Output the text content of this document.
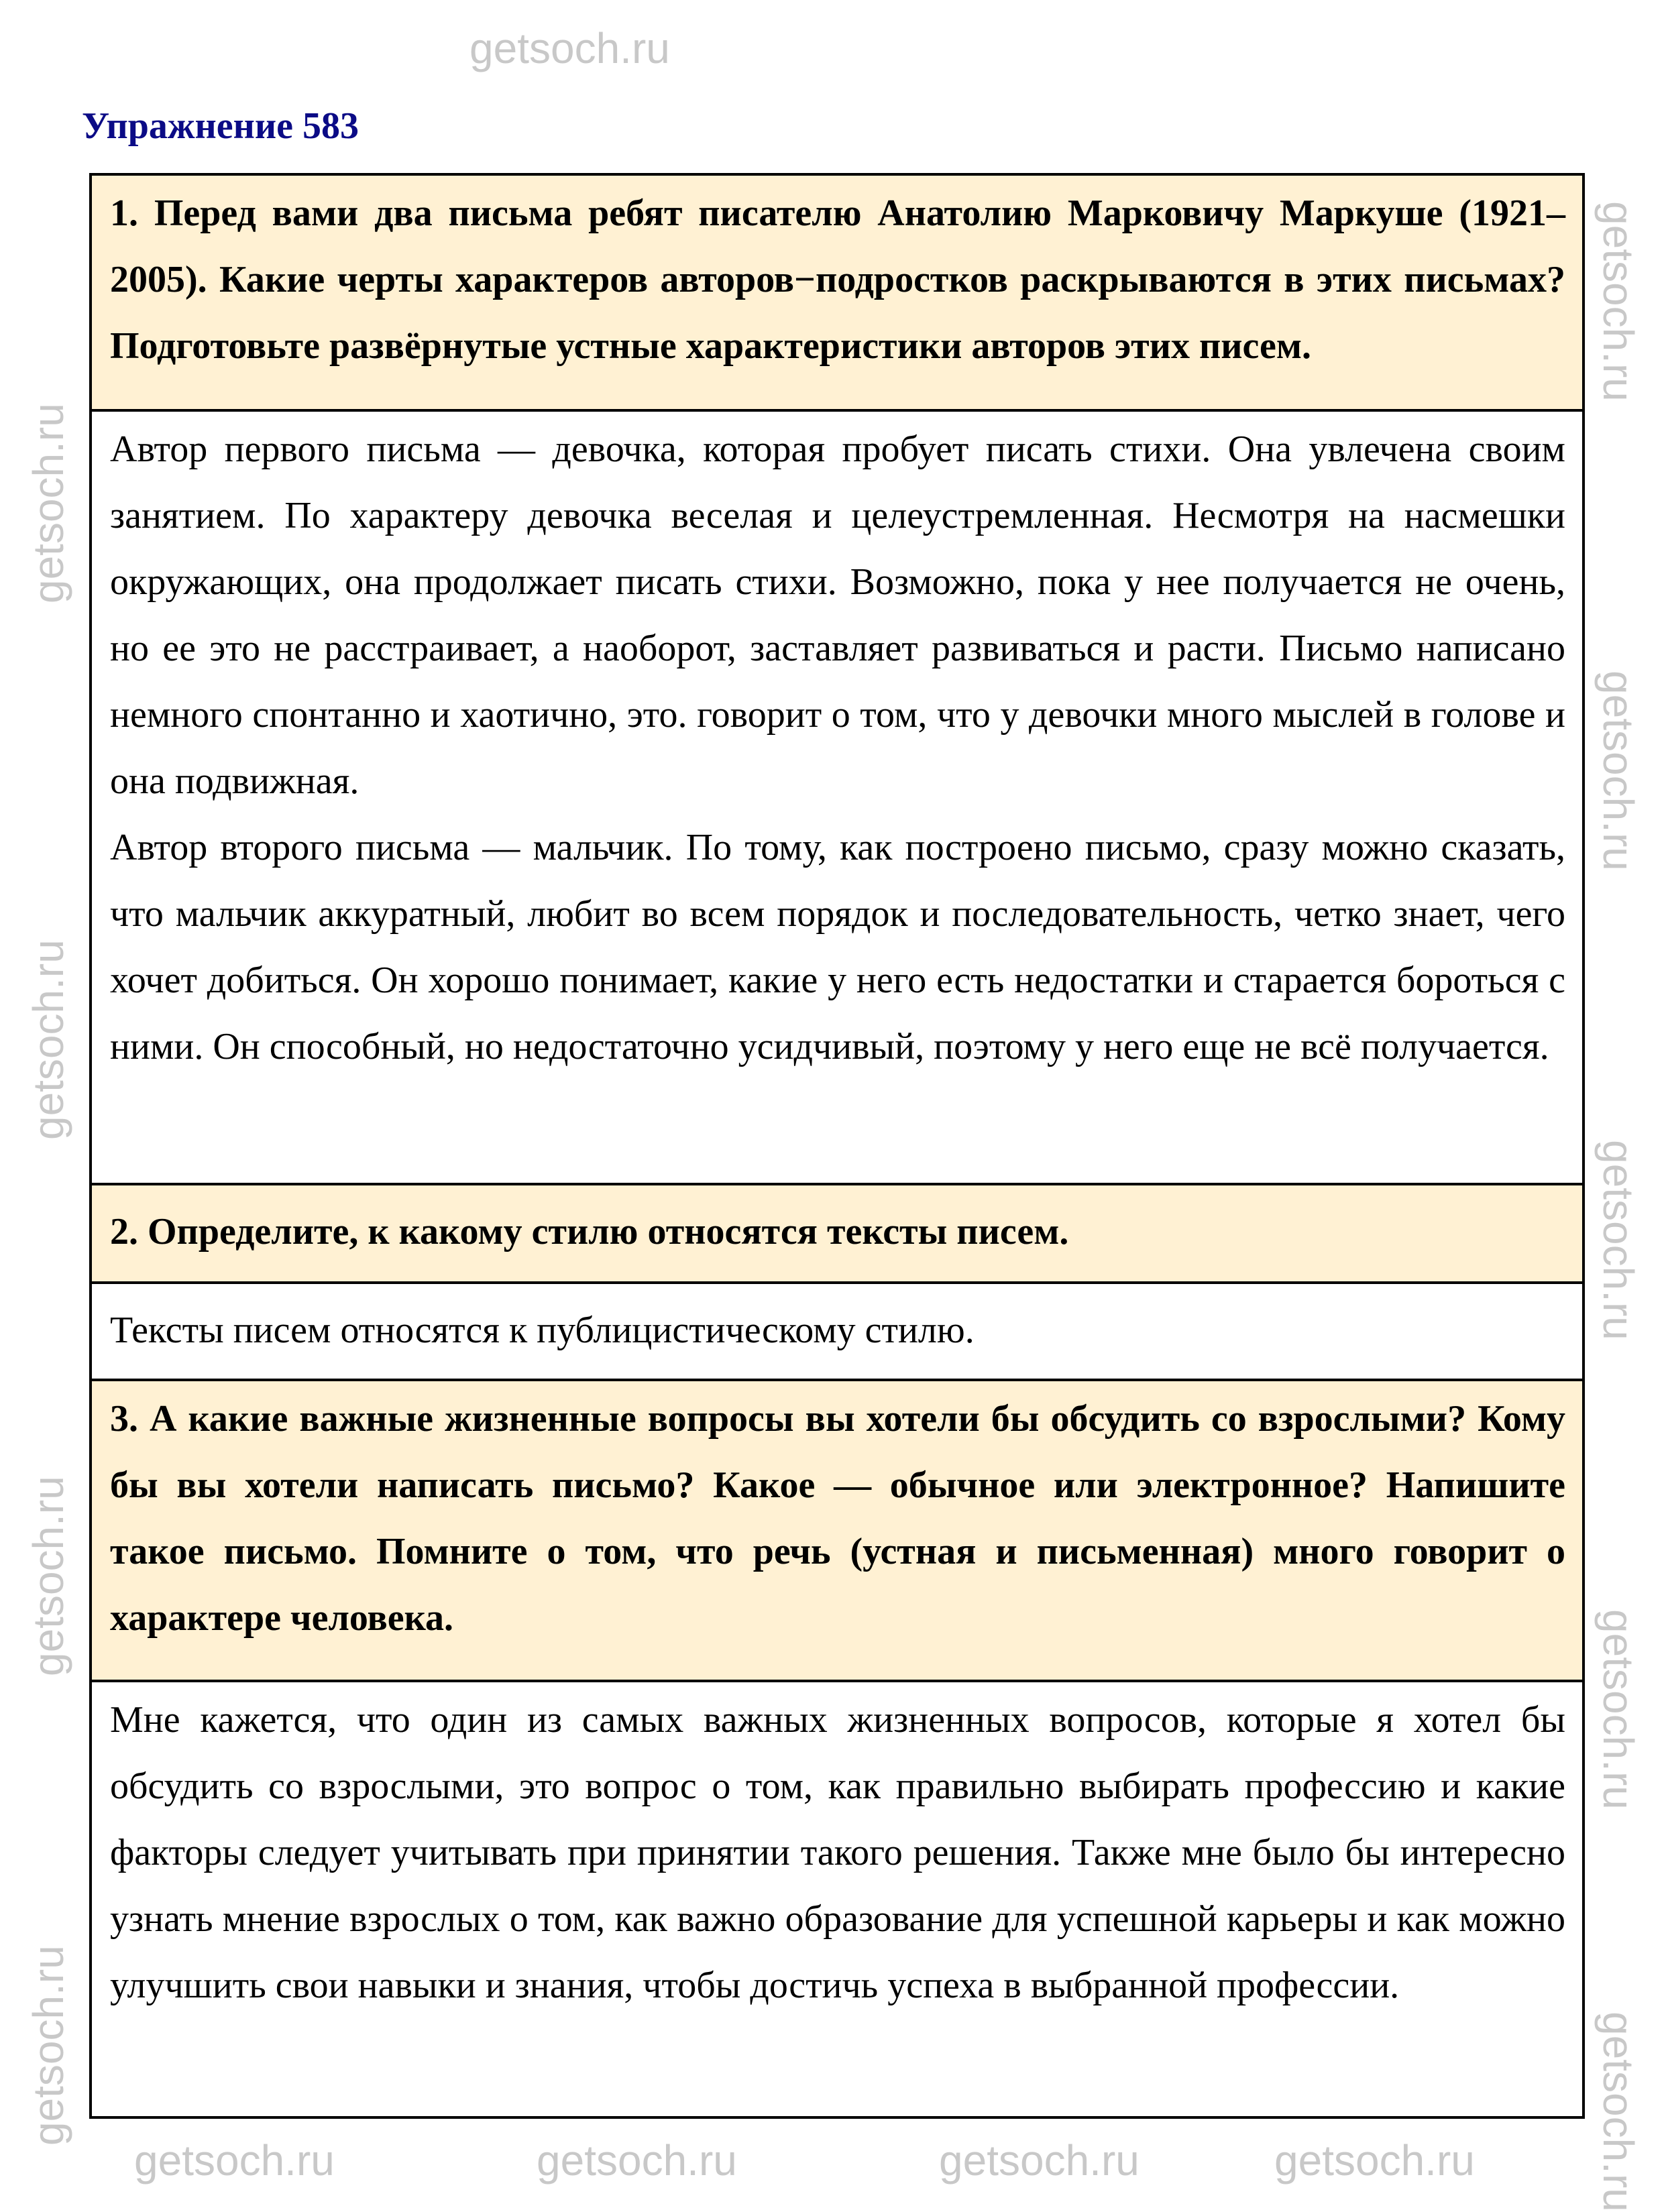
Упражнение 583

1. Перед вами два письма ребят писателю Анатолию Марковичу Маркуше (1921–2005). Какие черты характеров авторов−подростков раскрываются в этих письмах? Подготовьте развёрнутые устные характеристики авторов этих писем.

Автор первого письма — девочка, которая пробует писать стихи. Она увлечена своим занятием. По характеру девочка веселая и целеустремленная. Несмотря на насмешки окружающих, она продолжает писать стихи. Возможно, пока у нее получается не очень, но ее это не расстраивает, а наоборот, заставляет развиваться и расти. Письмо написано немного спонтанно и хаотично, это. говорит о том, что у девочки много мыслей в голове и она подвижная.

Автор второго письма — мальчик. По тому, как построено письмо, сразу можно сказать, что мальчик аккуратный, любит во всем порядок и последовательность, четко знает, чего хочет добиться. Он хорошо понимает, какие у него есть недостатки и старается бороться с ними. Он способный, но недостаточно усидчивый, поэтому у него еще не всё получается.

2. Определите, к какому стилю относятся тексты писем.

Тексты писем относятся к публицистическому стилю.

3. А какие важные жизненные вопросы вы хотели бы обсудить со взрослыми? Кому бы вы хотели написать письмо? Какое — обычное или электронное? Напишите такое письмо. Помните о том, что речь (устная и письменная) много говорит о характере человека.

Мне кажется, что один из самых важных жизненных вопросов, которые я хотел бы обсудить со взрослыми, это вопрос о том, как правильно выбирать профессию и какие факторы следует учитывать при принятии такого решения. Также мне было бы интересно узнать мнение взрослых о том, как важно образование для успешной карьеры и как можно улучшить свои навыки и знания, чтобы достичь успеха в выбранной профессии.

getsoch.ru
getsoch.ru
getsoch.ru
getsoch.ru
getsoch.ru
getsoch.ru
getsoch.ru
getsoch.ru
getsoch.ru
getsoch.ru
getsoch.ru	getsoch.ru	getsoch.ru	getsoch.ru
